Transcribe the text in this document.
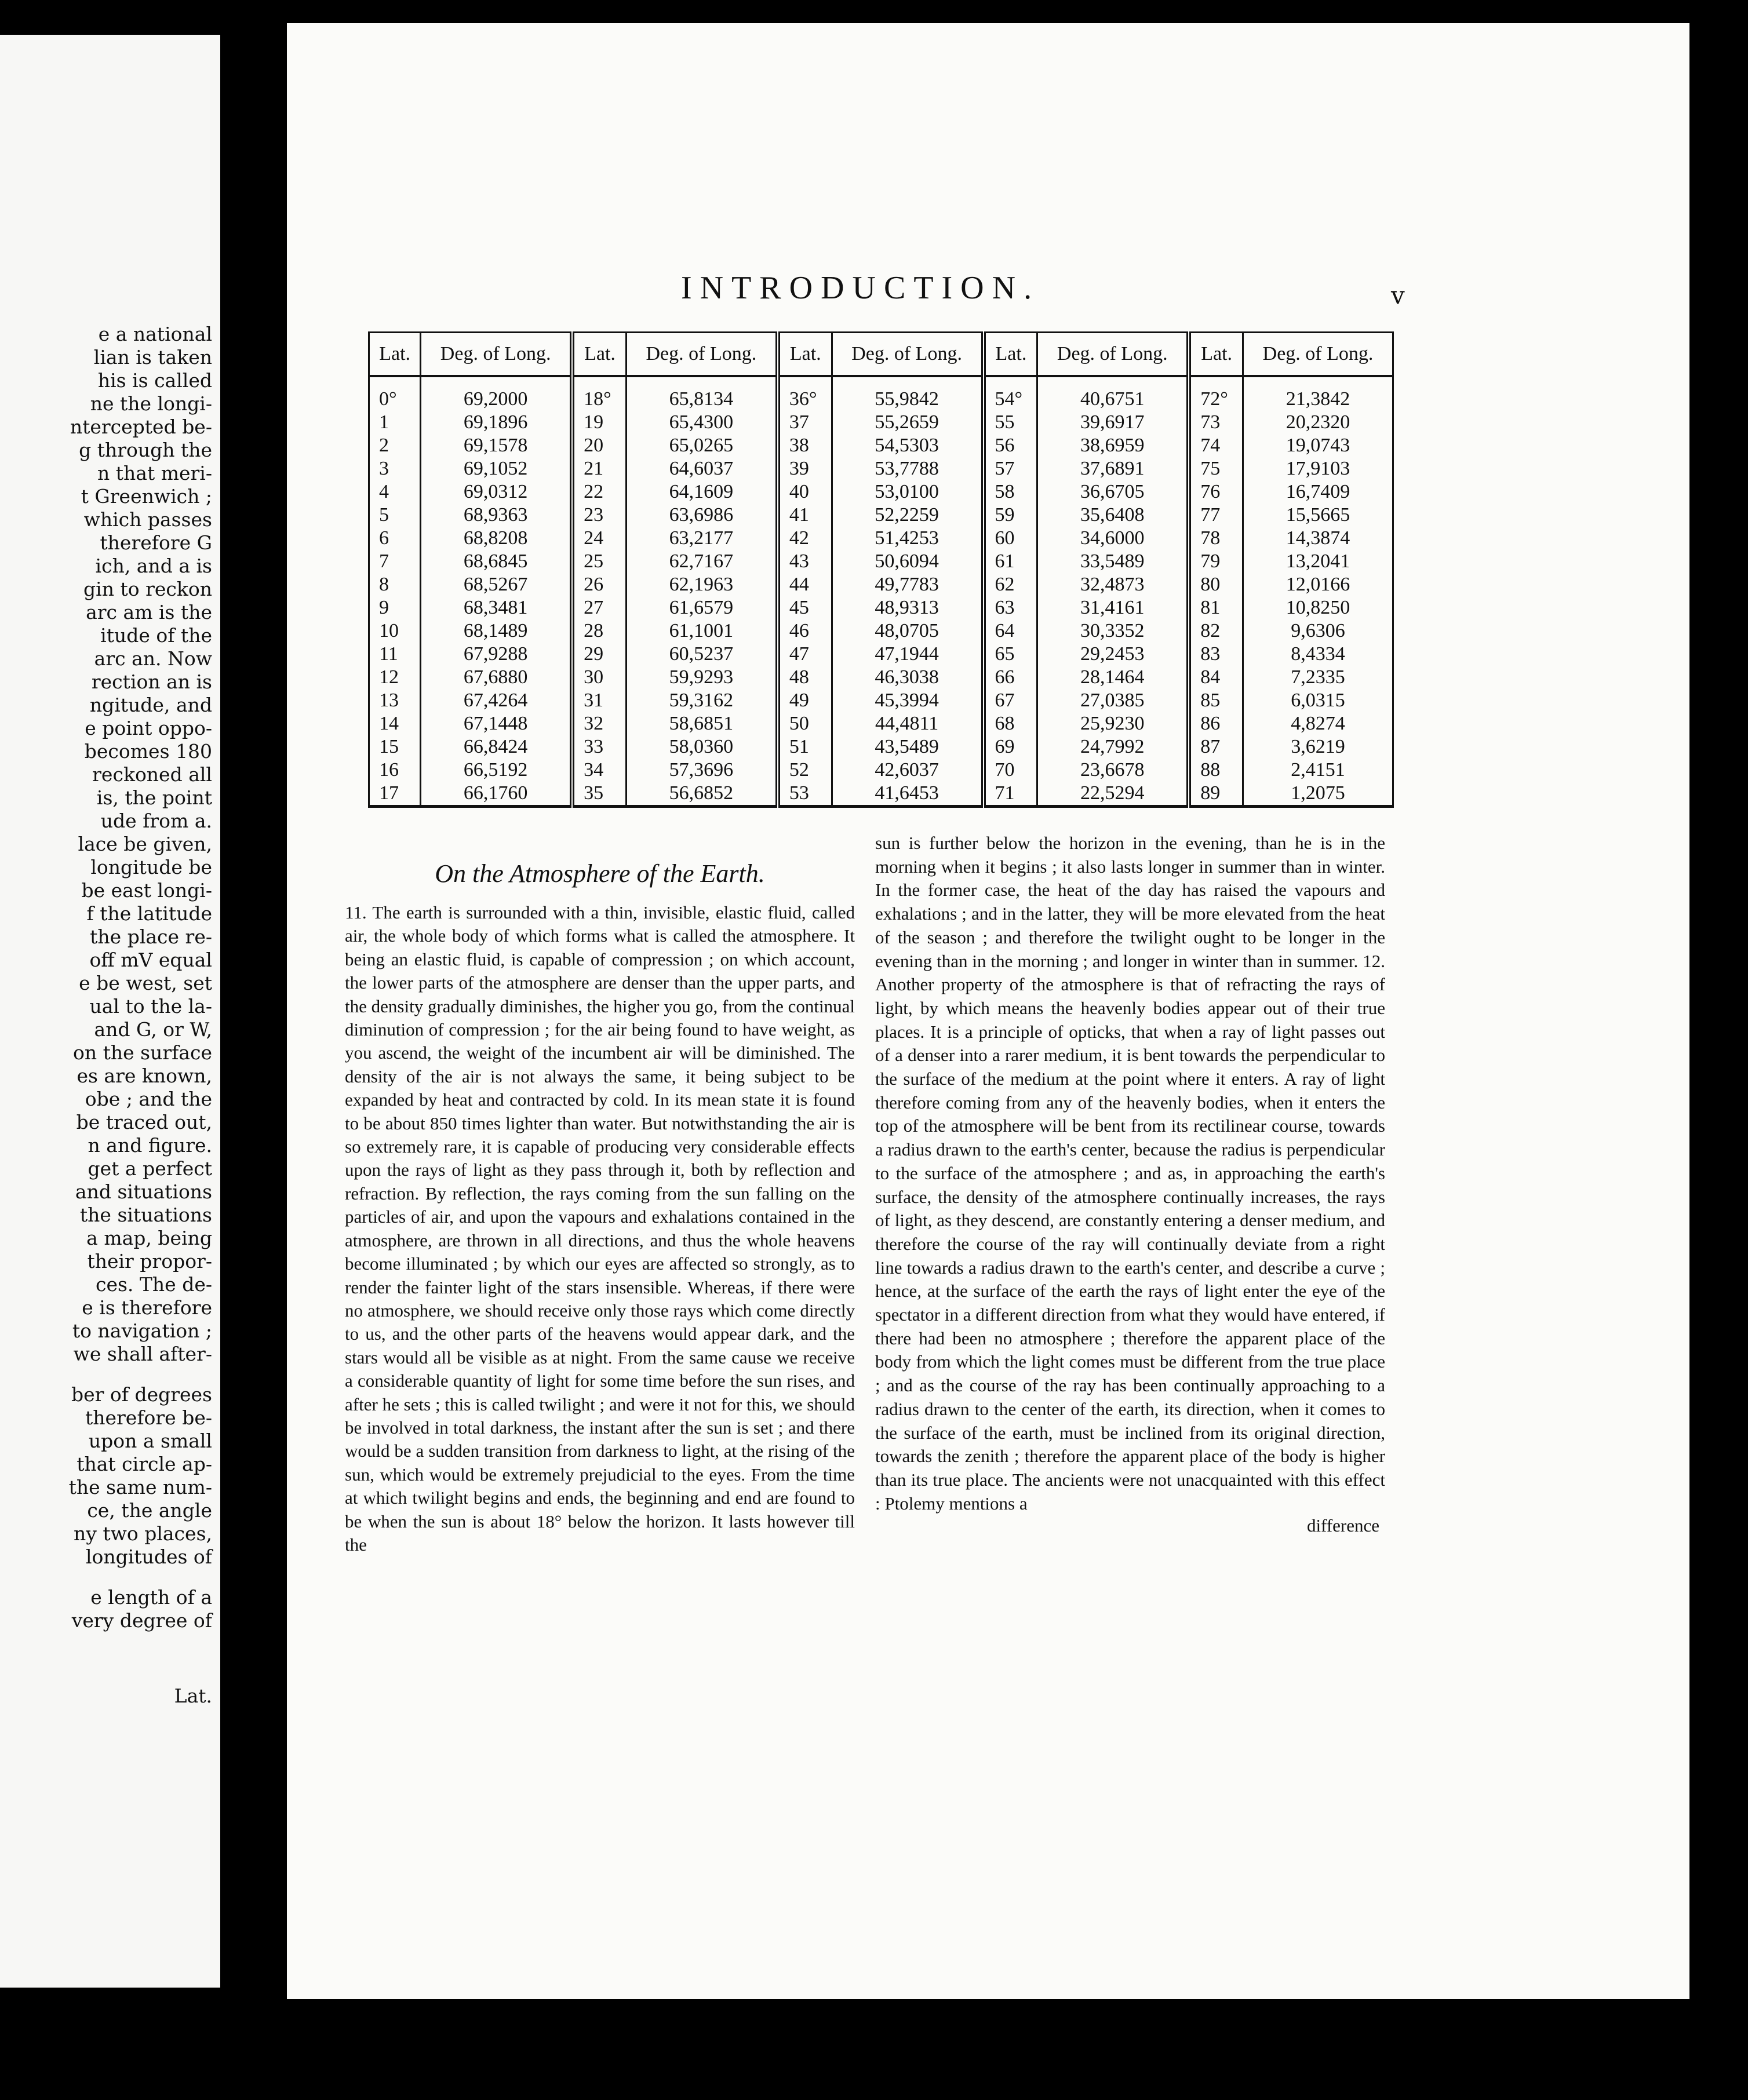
e a national
lian is taken
his is called
ne the longi-
ntercepted be-
g through the
n that meri-
t Greenwich ;
which passes
therefore G
ich, and a is
gin to reckon
arc am is the
itude of the
arc an. Now
rection an is
ngitude, and
e point oppo-
becomes 180
reckoned all
is, the point
ude from a.
lace be given,
longitude be
be east longi-
f the latitude
the place re-
off mV equal
e be west, set
ual to the la-
and G, or W,
on the surface
es are known,
obe ; and the
be traced out,
n and figure.
get a perfect
and situations
the situations
a map, being
their propor-
ces. The de-
e is therefore
to navigation ;
we shall after-
ber of degrees
therefore be-
upon a small
that circle ap-
the same num-
ce, the angle
ny two places,
longitudes of
e length of a
very degree of
Lat.
INTRODUCTION.	v
Lat.	Deg. of Long.	Lat.	Deg. of Long.	Lat.	Deg. of Long.	Lat.	Deg. of Long.	Lat.	Deg. of Long.
0°	69,2000	18°	65,8134	36°	55,9842	54°	40,6751	72°	21,3842
1	69,1896	19	65,4300	37	55,2659	55	39,6917	73	20,2320
2	69,1578	20	65,0265	38	54,5303	56	38,6959	74	19,0743
3	69,1052	21	64,6037	39	53,7788	57	37,6891	75	17,9103
4	69,0312	22	64,1609	40	53,0100	58	36,6705	76	16,7409
5	68,9363	23	63,6986	41	52,2259	59	35,6408	77	15,5665
6	68,8208	24	63,2177	42	51,4253	60	34,6000	78	14,3874
7	68,6845	25	62,7167	43	50,6094	61	33,5489	79	13,2041
8	68,5267	26	62,1963	44	49,7783	62	32,4873	80	12,0166
9	68,3481	27	61,6579	45	48,9313	63	31,4161	81	10,8250
10	68,1489	28	61,1001	46	48,0705	64	30,3352	82	9,6306
11	67,9288	29	60,5237	47	47,1944	65	29,2453	83	8,4334
12	67,6880	30	59,9293	48	46,3038	66	28,1464	84	7,2335
13	67,4264	31	59,3162	49	45,3994	67	27,0385	85	6,0315
14	67,1448	32	58,6851	50	44,4811	68	25,9230	86	4,8274
15	66,8424	33	58,0360	51	43,5489	69	24,7992	87	3,6219
16	66,5192	34	57,3696	52	42,6037	70	23,6678	88	2,4151
17	66,1760	35	56,6852	53	41,6453	71	22,5294	89	1,2075
On the Atmosphere of the Earth.

11. The earth is surrounded with a thin, invisible, elastic fluid, called air, the whole body of which forms what is called the atmosphere. It being an elastic fluid, is capable of compression ; on which account, the lower parts of the atmosphere are denser than the upper parts, and the density gradually diminishes, the higher you go, from the continual diminution of compression ; for the air being found to have weight, as you ascend, the weight of the incumbent air will be diminished. The density of the air is not always the same, it being subject to be expanded by heat and contracted by cold. In its mean state it is found to be about 850 times lighter than water. But notwithstanding the air is so extremely rare, it is capable of producing very considerable effects upon the rays of light as they pass through it, both by reflection and refraction. By reflection, the rays coming from the sun falling on the particles of air, and upon the vapours and exhalations contained in the atmosphere, are thrown in all directions, and thus the whole heavens become illuminated ; by which our eyes are affected so strongly, as to render the fainter light of the stars insensible. Whereas, if there were no atmosphere, we should receive only those rays which come directly to us, and the other parts of the heavens would appear dark, and the stars would all be visible as at night. From the same cause we receive a considerable quantity of light for some time before the sun rises, and after he sets ; this is called twilight ; and were it not for this, we should be involved in total darkness, the instant after the sun is set ; and there would be a sudden transition from darkness to light, at the rising of the sun, which would be extremely prejudicial to the eyes. From the time at which twilight begins and ends, the beginning and end are found to be when the sun is about 18° below the horizon. It lasts however till the

sun is further below the horizon in the evening, than he is in the morning when it begins ; it also lasts longer in summer than in winter. In the former case, the heat of the day has raised the vapours and exhalations ; and in the latter, they will be more elevated from the heat of the season ; and therefore the twilight ought to be longer in the evening than in the morning ; and longer in winter than in summer. 12. Another property of the atmosphere is that of refracting the rays of light, by which means the heavenly bodies appear out of their true places. It is a principle of opticks, that when a ray of light passes out of a denser into a rarer medium, it is bent towards the perpendicular to the surface of the medium at the point where it enters. A ray of light therefore coming from any of the heavenly bodies, when it enters the top of the atmosphere will be bent from its rectilinear course, towards a radius drawn to the earth's center, because the radius is perpendicular to the surface of the atmosphere ; and as, in approaching the earth's surface, the density of the atmosphere continually increases, the rays of light, as they descend, are constantly entering a denser medium, and therefore the course of the ray will continually deviate from a right line towards a radius drawn to the earth's center, and describe a curve ; hence, at the surface of the earth the rays of light enter the eye of the spectator in a different direction from what they would have entered, if there had been no atmosphere ; therefore the apparent place of the body from which the light comes must be different from the true place ; and as the course of the ray has been continually approaching to a radius drawn to the center of the earth, its direction, when it comes to the surface of the earth, must be inclined from its original direction, towards the zenith ; therefore the apparent place of the body is higher than its true place. The ancients were not unacquainted with this effect : Ptolemy mentions a

difference
